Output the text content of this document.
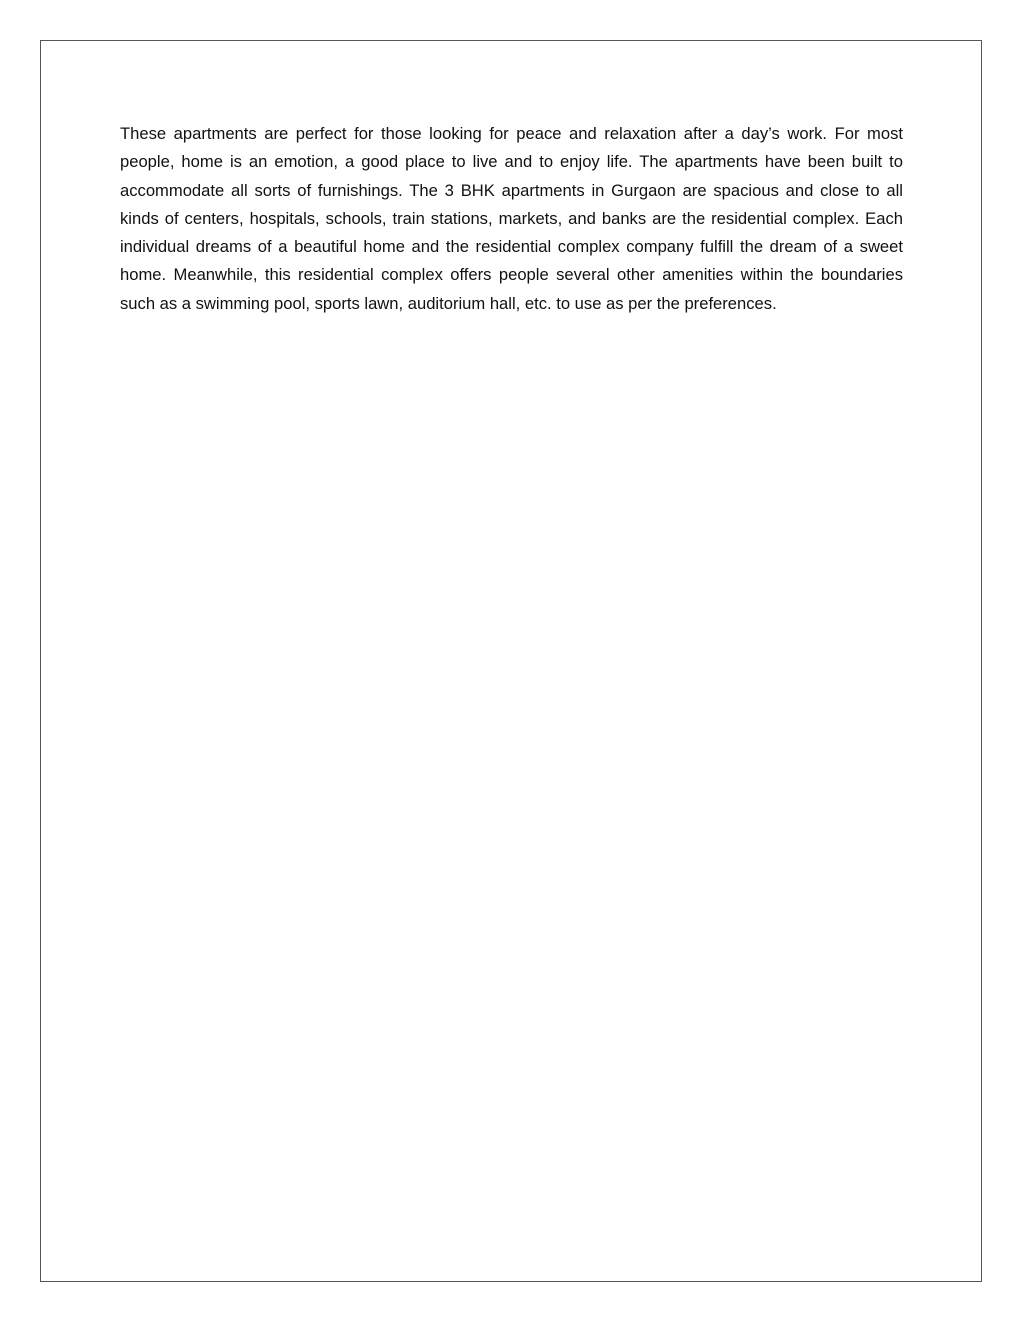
These apartments are perfect for those looking for peace and relaxation after a day’s work. For most people, home is an emotion, a good place to live and to enjoy life. The apartments have been built to accommodate all sorts of furnishings. The 3 BHK apartments in Gurgaon are spacious and close to all kinds of centers, hospitals, schools, train stations, markets, and banks are the residential complex. Each individual dreams of a beautiful home and the residential complex company fulfill the dream of a sweet home. Meanwhile, this residential complex offers people several other amenities within the boundaries such as a swimming pool, sports lawn, auditorium hall, etc. to use as per the preferences.
